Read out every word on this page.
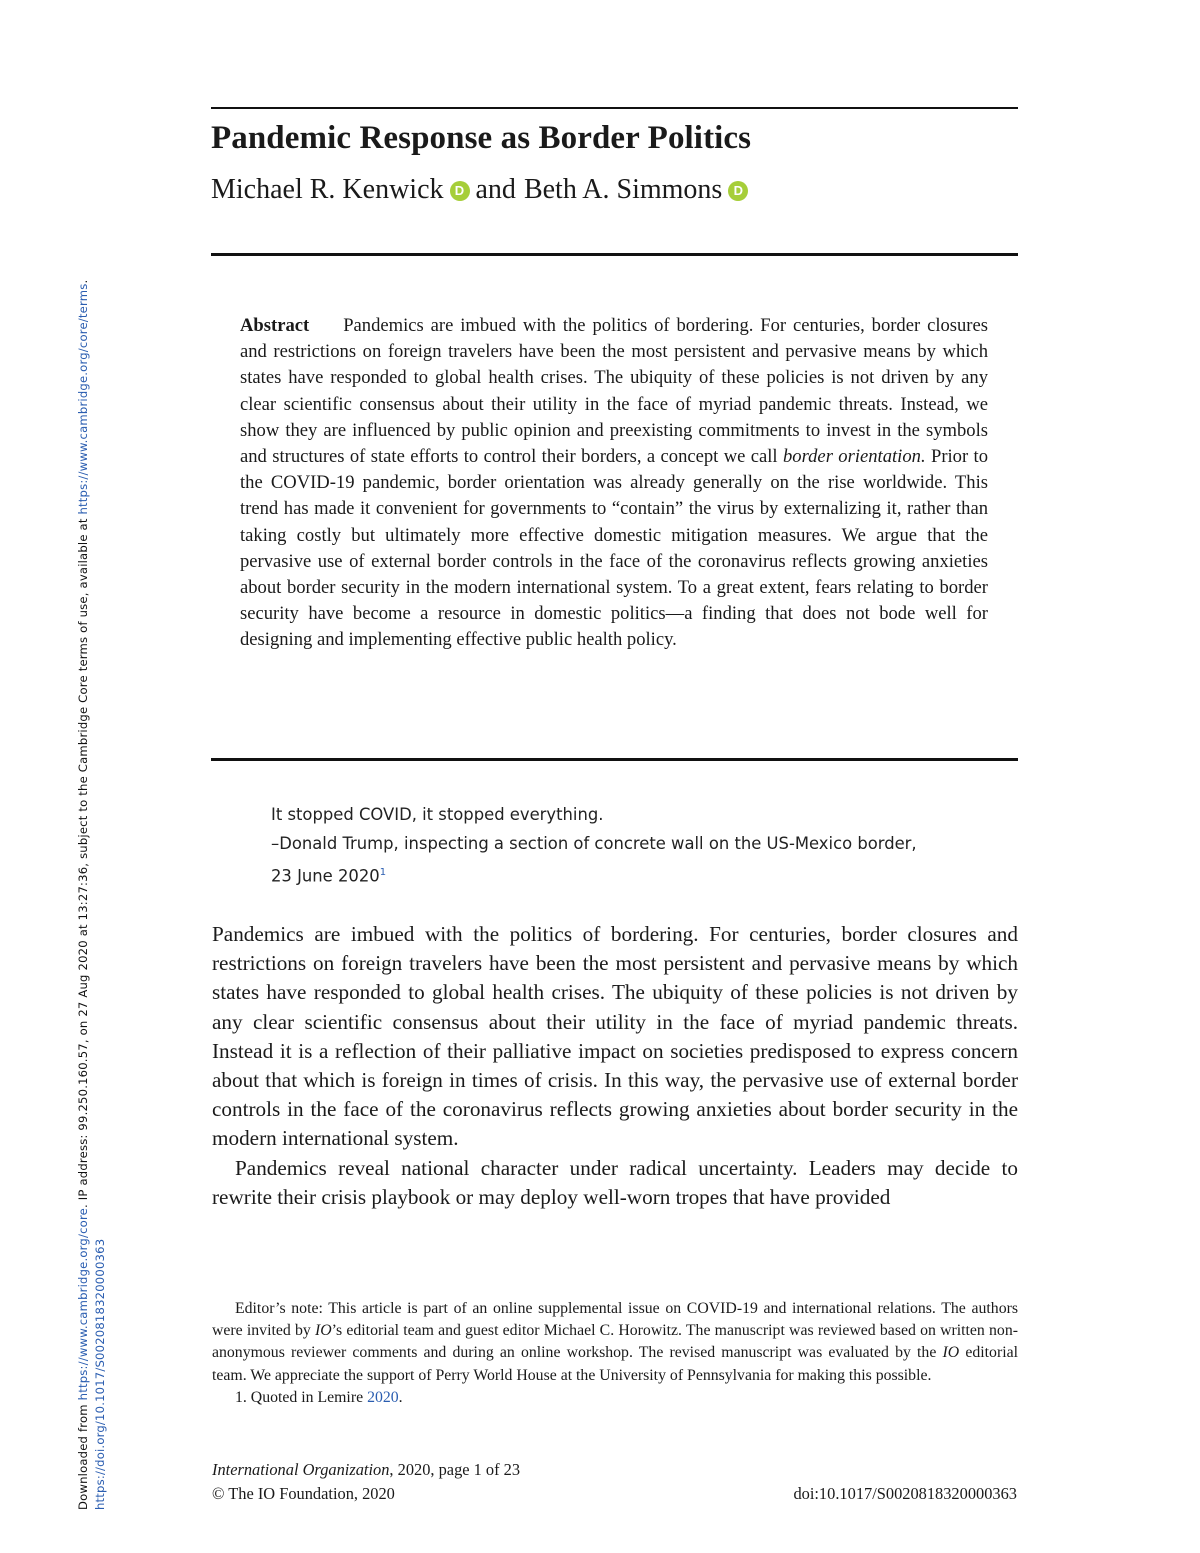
Pandemic Response as Border Politics
Michael R. Kenwick D and Beth A. Simmons D
Abstract Pandemics are imbued with the politics of bordering. For centuries, border closures and restrictions on foreign travelers have been the most persistent and pervasive means by which states have responded to global health crises. The ubiquity of these policies is not driven by any clear scientific consensus about their utility in the face of myriad pandemic threats. Instead, we show they are influenced by public opinion and preexisting commitments to invest in the symbols and structures of state efforts to control their borders, a concept we call border orientation. Prior to the COVID-19 pandemic, border orientation was already generally on the rise worldwide. This trend has made it convenient for governments to “contain” the virus by externalizing it, rather than taking costly but ultimately more effective domestic mitigation measures. We argue that the pervasive use of external border controls in the face of the coronavirus reflects growing anxieties about border security in the modern international system. To a great extent, fears relating to border security have become a resource in domestic politics—a finding that does not bode well for designing and implementing effective public health policy.
It stopped COVID, it stopped everything.
–Donald Trump, inspecting a section of concrete wall on the US-Mexico border,
23 June 2020$^1$

Pandemics are imbued with the politics of bordering. For centuries, border closures and restrictions on foreign travelers have been the most persistent and pervasive means by which states have responded to global health crises. The ubiquity of these policies is not driven by any clear scientific consensus about their utility in the face of myriad pandemic threats. Instead it is a reflection of their palliative impact on societies predisposed to express concern about that which is foreign in times of crisis. In this way, the pervasive use of external border controls in the face of the coronavirus reflects growing anxieties about border security in the modern international system.

Pandemics reveal national character under radical uncertainty. Leaders may decide to rewrite their crisis playbook or may deploy well-worn tropes that have provided

Editor’s note: This article is part of an online supplemental issue on COVID-19 and international relations. The authors were invited by IO’s editorial team and guest editor Michael C. Horowitz. The manuscript was reviewed based on written non-anonymous reviewer comments and during an online workshop. The revised manuscript was evaluated by the IO editorial team. We appreciate the support of Perry World House at the University of Pennsylvania for making this possible.

1. Quoted in Lemire 2020.

International Organization, 2020, page 1 of 23
© The IO Foundation, 2020	doi:10.1017/S0020818320000363
Downloaded from https://www.cambridge.org/core. IP address: 99.250.160.57, on 27 Aug 2020 at 13:27:36, subject to the Cambridge Core terms of use, available at https://www.cambridge.org/core/terms.
https://doi.org/10.1017/S0020818320000363
